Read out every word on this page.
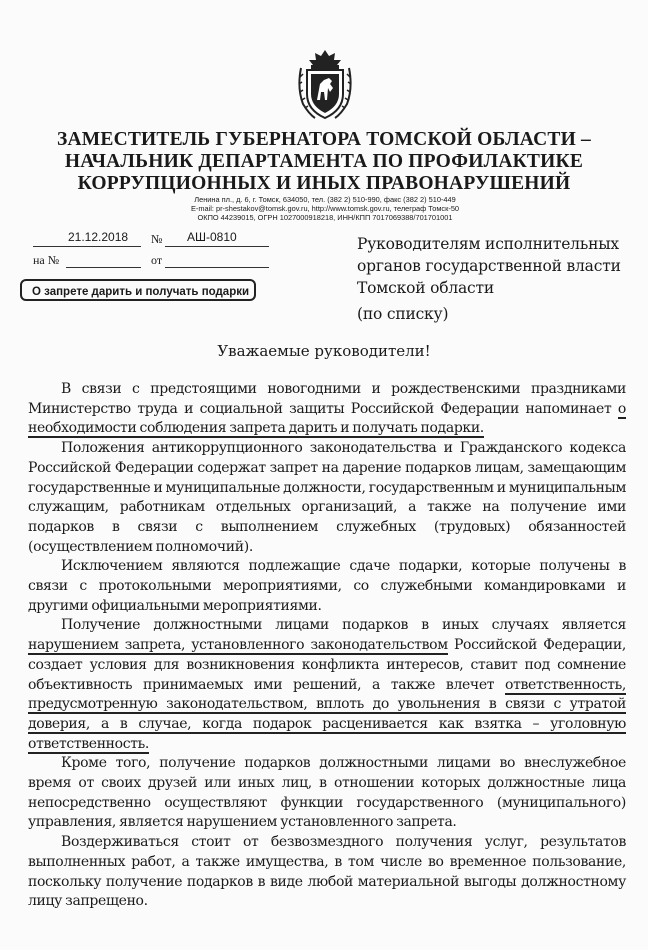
ЗАМЕСТИТЕЛЬ ГУБЕРНАТОРА ТОМСКОЙ ОБЛАСТИ –
НАЧАЛЬНИК ДЕПАРТАМЕНТА ПО ПРОФИЛАКТИКЕ
КОРРУПЦИОННЫХ И ИНЫХ ПРАВОНАРУШЕНИЙ
Ленина пл., д. 6, г. Томск, 634050, тел. (382 2) 510-990, факс (382 2) 510-449
E-mail: pr-shestakov@tomsk.gov.ru, http://www.tomsk.gov.ru, телеграф Томск-50
ОКПО 44239015, ОГРН 1027000918218, ИНН/КПП 7017069388/701701001
21.12.2018 № АШ-0810
на №	от
О запрете дарить и получать подарки
Руководителям исполнительных
органов государственной власти
Томской области
(по списку)
Уважаемые руководители!

В связи с предстоящими новогодними и рождественскими праздниками Министерство труда и социальной защиты Российской Федерации напоминает о необходимости соблюдения запрета дарить и получать подарки.

Положения антикоррупционного законодательства и Гражданского кодекса Российской Федерации содержат запрет на дарение подарков лицам, замещающим государственные и муниципальные должности, государственным и муниципальным служащим, работникам отдельных организаций, а также на получение ими подарков в связи с выполнением служебных (трудовых) обязанностей (осуществлением полномочий).

Исключением являются подлежащие сдаче подарки, которые получены в связи с протокольными мероприятиями, со служебными командировками и другими официальными мероприятиями.

Получение должностными лицами подарков в иных случаях является нарушением запрета, установленного законодательством Российской Федерации, создает условия для возникновения конфликта интересов, ставит под сомнение объективность принимаемых ими решений, а также влечет ответственность, предусмотренную законодательством, вплоть до увольнения в связи с утратой доверия, а в случае, когда подарок расценивается как взятка – уголовную ответственность.

Кроме того, получение подарков должностными лицами во внеслужебное время от своих друзей или иных лиц, в отношении которых должностные лица непосредственно осуществляют функции государственного (муниципального) управления, является нарушением установленного запрета.

Воздерживаться стоит от безвозмездного получения услуг, результатов выполненных работ, а также имущества, в том числе во временное пользование, поскольку получение подарков в виде любой материальной выгоды должностному лицу запрещено.
